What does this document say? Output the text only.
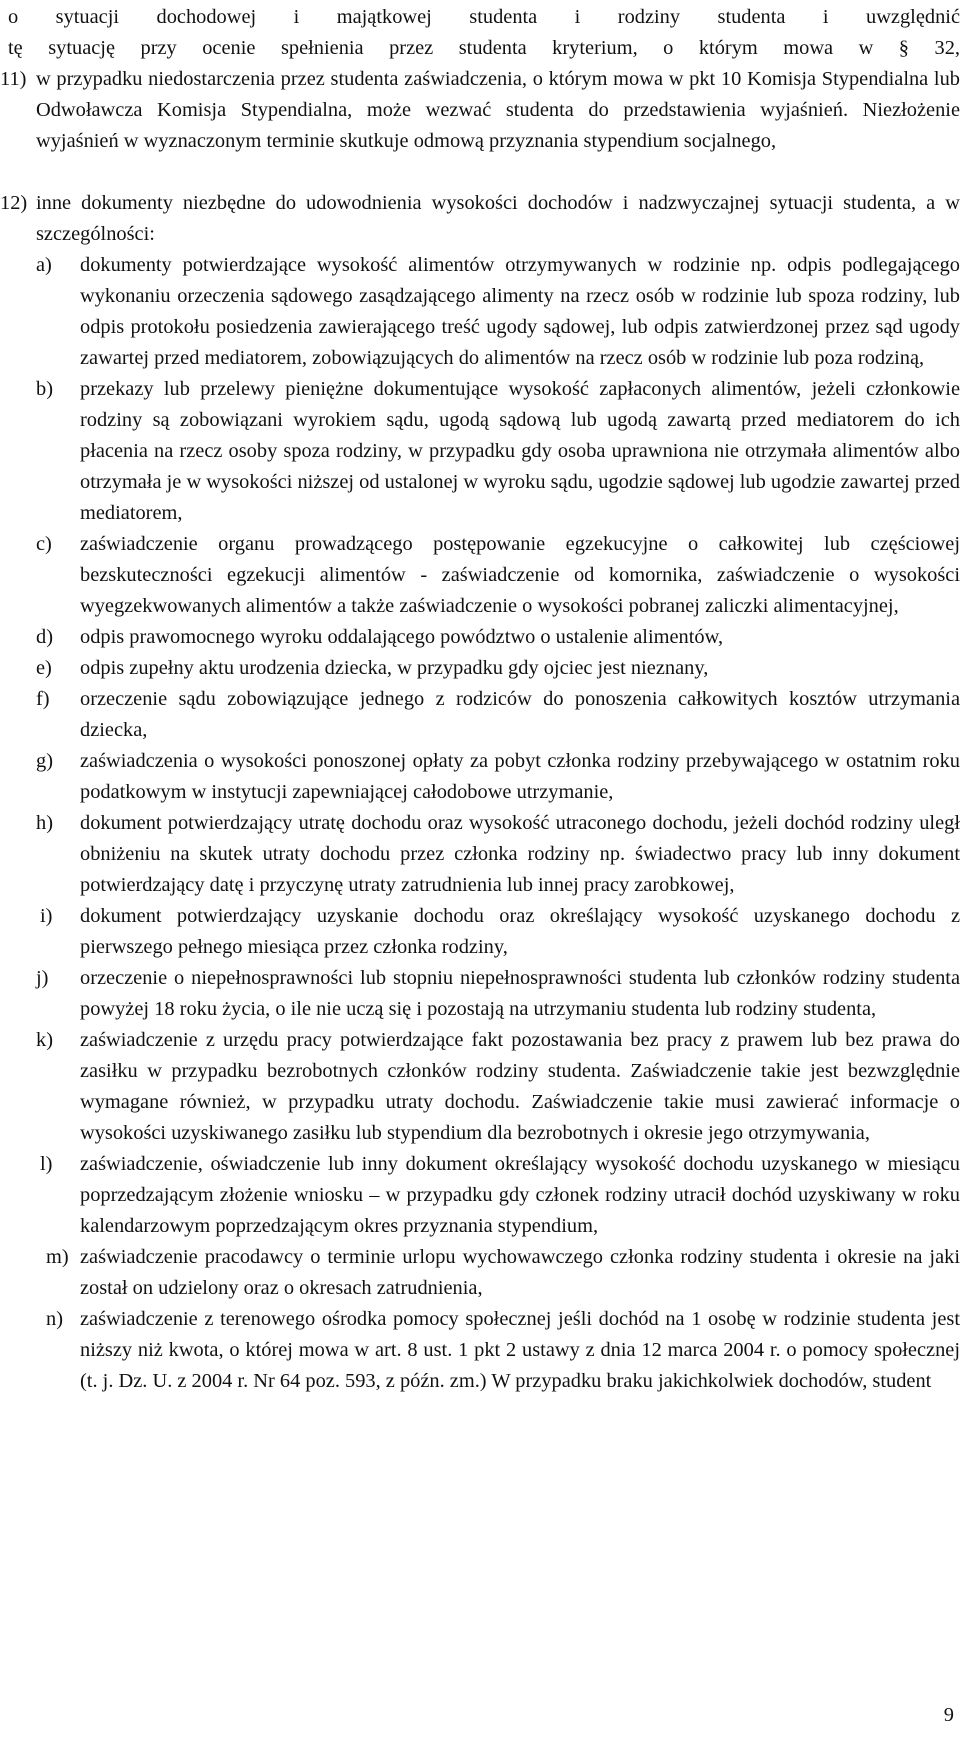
o sytuacji dochodowej i majątkowej studenta i rodziny studenta i uwzględnić
tę sytuację przy ocenie spełnienia przez studenta kryterium, o którym mowa w § 32,
11) w przypadku niedostarczenia przez studenta zaświadczenia, o którym mowa w pkt 10 Komisja Stypendialna lub Odwoławcza Komisja Stypendialna, może wezwać studenta do przedstawienia wyjaśnień. Niezłożenie wyjaśnień w wyznaczonym terminie skutkuje odmową przyznania stypendium socjalnego,
12) inne dokumenty niezbędne do udowodnienia wysokości dochodów i nadzwyczajnej sytuacji studenta, a w szczególności:
a)	dokumenty potwierdzające wysokość alimentów otrzymywanych w rodzinie np. odpis podlegającego wykonaniu orzeczenia sądowego zasądzającego alimenty na rzecz osób w rodzinie lub spoza rodziny, lub odpis protokołu posiedzenia zawierającego treść ugody sądowej, lub odpis zatwierdzonej przez sąd ugody zawartej przed mediatorem, zobowiązujących do alimentów na rzecz osób w rodzinie lub poza rodziną,
b)	przekazy lub przelewy pieniężne dokumentujące wysokość zapłaconych alimentów, jeżeli członkowie rodziny są zobowiązani wyrokiem sądu, ugodą sądową lub ugodą zawartą przed mediatorem do ich płacenia na rzecz osoby spoza rodziny, w przypadku gdy osoba uprawniona nie otrzymała alimentów albo otrzymała je w wysokości niższej od ustalonej w wyroku sądu, ugodzie sądowej lub ugodzie zawartej przed mediatorem,
c)	zaświadczenie organu prowadzącego postępowanie egzekucyjne o całkowitej lub częściowej bezskuteczności egzekucji alimentów - zaświadczenie od komornika, zaświadczenie o wysokości wyegzekwowanych alimentów a także zaświadczenie o wysokości pobranej zaliczki alimentacyjnej,
d)	odpis prawomocnego wyroku oddalającego powództwo o ustalenie alimentów,
e)	odpis zupełny aktu urodzenia dziecka, w przypadku gdy ojciec jest nieznany,
f)	orzeczenie sądu zobowiązujące jednego z rodziców do ponoszenia całkowitych kosztów utrzymania dziecka,
g)	zaświadczenia o wysokości ponoszonej opłaty za pobyt członka rodziny przebywającego w ostatnim roku podatkowym w instytucji zapewniającej całodobowe utrzymanie,
h)	dokument potwierdzający utratę dochodu oraz wysokość utraconego dochodu, jeżeli dochód rodziny uległ obniżeniu na skutek utraty dochodu przez członka rodziny np. świadectwo pracy lub inny dokument potwierdzający datę i przyczynę utraty zatrudnienia lub innej pracy zarobkowej,
i)	dokument potwierdzający uzyskanie dochodu oraz określający wysokość uzyskanego dochodu z pierwszego pełnego miesiąca przez członka rodziny,
j)	orzeczenie o niepełnosprawności lub stopniu niepełnosprawności studenta lub członków rodziny studenta powyżej 18 roku życia, o ile nie uczą się i pozostają na utrzymaniu studenta lub rodziny studenta,
k)	zaświadczenie z urzędu pracy potwierdzające fakt pozostawania bez pracy z prawem lub bez prawa do zasiłku w przypadku bezrobotnych członków rodziny studenta. Zaświadczenie takie jest bezwzględnie wymagane również, w przypadku utraty dochodu. Zaświadczenie takie musi zawierać informacje o wysokości uzyskiwanego zasiłku lub stypendium dla bezrobotnych i okresie jego otrzymywania,
l)	zaświadczenie, oświadczenie lub inny dokument określający wysokość dochodu uzyskanego w miesiącu poprzedzającym złożenie wniosku – w przypadku gdy członek rodziny utracił dochód uzyskiwany w roku kalendarzowym poprzedzającym okres przyznania stypendium,
m) zaświadczenie pracodawcy o terminie urlopu wychowawczego członka rodziny studenta i okresie na jaki został on udzielony oraz o okresach zatrudnienia,
n) zaświadczenie z terenowego ośrodka pomocy społecznej jeśli dochód na 1 osobę w rodzinie studenta jest niższy niż kwota, o której mowa w art. 8 ust. 1 pkt 2 ustawy z dnia 12 marca 2004 r. o pomocy społecznej (t. j. Dz. U. z 2004 r. Nr 64 poz. 593, z późn. zm.) W przypadku braku jakichkolwiek dochodów, student
9
